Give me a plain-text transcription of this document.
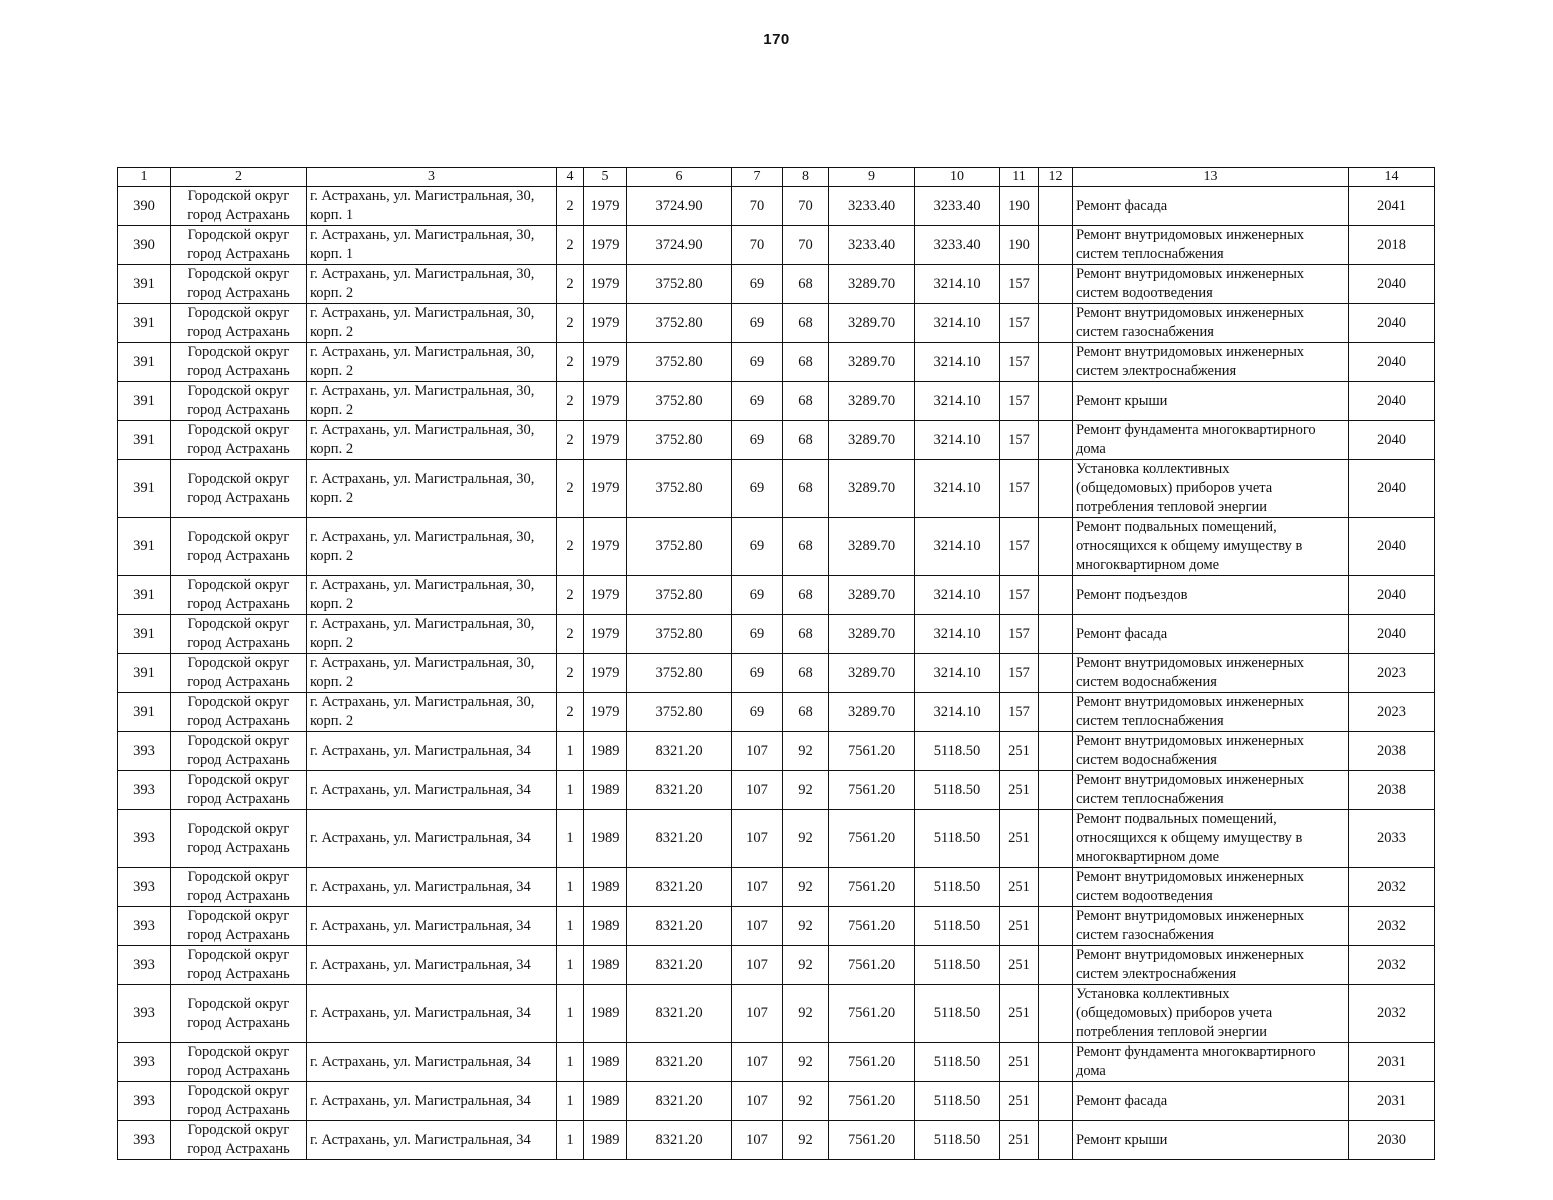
170
1	2	3	4	5	6	7	8	9	10	11	12	13	14
390	Городской округ город Астрахань	г. Астрахань, ул. Магистральная, 30,
корп. 1	2	1979	3724.90	70	70	3233.40	3233.40	190		Ремонт фасада	2041
390	Городской округ город Астрахань	г. Астрахань, ул. Магистральная, 30,
корп. 1	2	1979	3724.90	70	70	3233.40	3233.40	190		Ремонт внутридомовых инженерных
систем теплоснабжения	2018
391	Городской округ город Астрахань	г. Астрахань, ул. Магистральная, 30,
корп. 2	2	1979	3752.80	69	68	3289.70	3214.10	157		Ремонт внутридомовых инженерных
систем водоотведения	2040
391	Городской округ город Астрахань	г. Астрахань, ул. Магистральная, 30,
корп. 2	2	1979	3752.80	69	68	3289.70	3214.10	157		Ремонт внутридомовых инженерных
систем газоснабжения	2040
391	Городской округ город Астрахань	г. Астрахань, ул. Магистральная, 30,
корп. 2	2	1979	3752.80	69	68	3289.70	3214.10	157		Ремонт внутридомовых инженерных
систем электроснабжения	2040
391	Городской округ город Астрахань	г. Астрахань, ул. Магистральная, 30,
корп. 2	2	1979	3752.80	69	68	3289.70	3214.10	157		Ремонт крыши	2040
391	Городской округ город Астрахань	г. Астрахань, ул. Магистральная, 30,
корп. 2	2	1979	3752.80	69	68	3289.70	3214.10	157		Ремонт фундамента многоквартирного
дома	2040
391	Городской округ город Астрахань	г. Астрахань, ул. Магистральная, 30,
корп. 2	2	1979	3752.80	69	68	3289.70	3214.10	157		Установка коллективных
(общедомовых) приборов учета
потребления тепловой энергии	2040
391	Городской округ город Астрахань	г. Астрахань, ул. Магистральная, 30,
корп. 2	2	1979	3752.80	69	68	3289.70	3214.10	157		Ремонт подвальных помещений,
относящихся к общему имуществу в
многоквартирном доме	2040
391	Городской округ город Астрахань	г. Астрахань, ул. Магистральная, 30,
корп. 2	2	1979	3752.80	69	68	3289.70	3214.10	157		Ремонт подъездов	2040
391	Городской округ город Астрахань	г. Астрахань, ул. Магистральная, 30,
корп. 2	2	1979	3752.80	69	68	3289.70	3214.10	157		Ремонт фасада	2040
391	Городской округ город Астрахань	г. Астрахань, ул. Магистральная, 30,
корп. 2	2	1979	3752.80	69	68	3289.70	3214.10	157		Ремонт внутридомовых инженерных
систем водоснабжения	2023
391	Городской округ город Астрахань	г. Астрахань, ул. Магистральная, 30,
корп. 2	2	1979	3752.80	69	68	3289.70	3214.10	157		Ремонт внутридомовых инженерных
систем теплоснабжения	2023
393	Городской округ город Астрахань	г. Астрахань, ул. Магистральная, 34	1	1989	8321.20	107	92	7561.20	5118.50	251		Ремонт внутридомовых инженерных
систем водоснабжения	2038
393	Городской округ город Астрахань	г. Астрахань, ул. Магистральная, 34	1	1989	8321.20	107	92	7561.20	5118.50	251		Ремонт внутридомовых инженерных
систем теплоснабжения	2038
393	Городской округ город Астрахань	г. Астрахань, ул. Магистральная, 34	1	1989	8321.20	107	92	7561.20	5118.50	251		Ремонт подвальных помещений,
относящихся к общему имуществу в
многоквартирном доме	2033
393	Городской округ город Астрахань	г. Астрахань, ул. Магистральная, 34	1	1989	8321.20	107	92	7561.20	5118.50	251		Ремонт внутридомовых инженерных
систем водоотведения	2032
393	Городской округ город Астрахань	г. Астрахань, ул. Магистральная, 34	1	1989	8321.20	107	92	7561.20	5118.50	251		Ремонт внутридомовых инженерных
систем газоснабжения	2032
393	Городской округ город Астрахань	г. Астрахань, ул. Магистральная, 34	1	1989	8321.20	107	92	7561.20	5118.50	251		Ремонт внутридомовых инженерных
систем электроснабжения	2032
393	Городской округ город Астрахань	г. Астрахань, ул. Магистральная, 34	1	1989	8321.20	107	92	7561.20	5118.50	251		Установка коллективных
(общедомовых) приборов учета
потребления тепловой энергии	2032
393	Городской округ город Астрахань	г. Астрахань, ул. Магистральная, 34	1	1989	8321.20	107	92	7561.20	5118.50	251		Ремонт фундамента многоквартирного
дома	2031
393	Городской округ город Астрахань	г. Астрахань, ул. Магистральная, 34	1	1989	8321.20	107	92	7561.20	5118.50	251		Ремонт фасада	2031
393	Городской округ город Астрахань	г. Астрахань, ул. Магистральная, 34	1	1989	8321.20	107	92	7561.20	5118.50	251		Ремонт крыши	2030
